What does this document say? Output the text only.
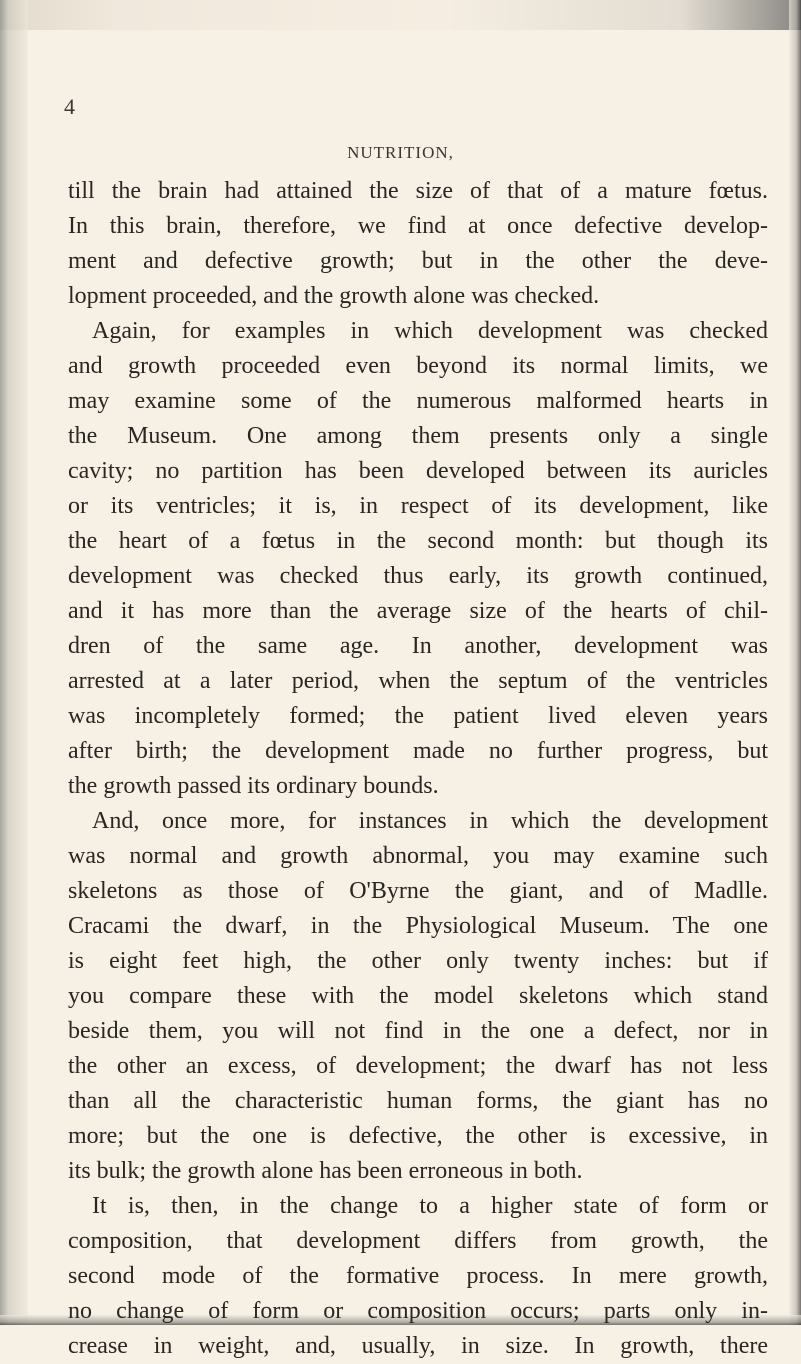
4
NUTRITION,
till the brain had attained the size of that of a mature fœtus.
In this brain, therefore, we find at once defective develop-
ment and defective growth; but in the other the deve-
lopment proceeded, and the growth alone was checked.
Again, for examples in which development was checked
and growth proceeded even beyond its normal limits, we
may examine some of the numerous malformed hearts in
the Museum. One among them presents only a single
cavity; no partition has been developed between its auricles
or its ventricles; it is, in respect of its development, like
the heart of a fœtus in the second month: but though its
development was checked thus early, its growth continued,
and it has more than the average size of the hearts of chil-
dren of the same age. In another, development was
arrested at a later period, when the septum of the ventricles
was incompletely formed; the patient lived eleven years
after birth; the development made no further progress, but
the growth passed its ordinary bounds.
And, once more, for instances in which the development
was normal and growth abnormal, you may examine such
skeletons as those of O'Byrne the giant, and of Madlle.
Cracami the dwarf, in the Physiological Museum. The one
is eight feet high, the other only twenty inches: but if
you compare these with the model skeletons which stand
beside them, you will not find in the one a defect, nor in
the other an excess, of development; the dwarf has not less
than all the characteristic human forms, the giant has no
more; but the one is defective, the other is excessive, in
its bulk; the growth alone has been erroneous in both.
It is, then, in the change to a higher state of form or
composition, that development differs from growth, the
second mode of the formative process. In mere growth,
no change of form or composition occurs; parts only in-
crease in weight, and, usually, in size. In growth, there
